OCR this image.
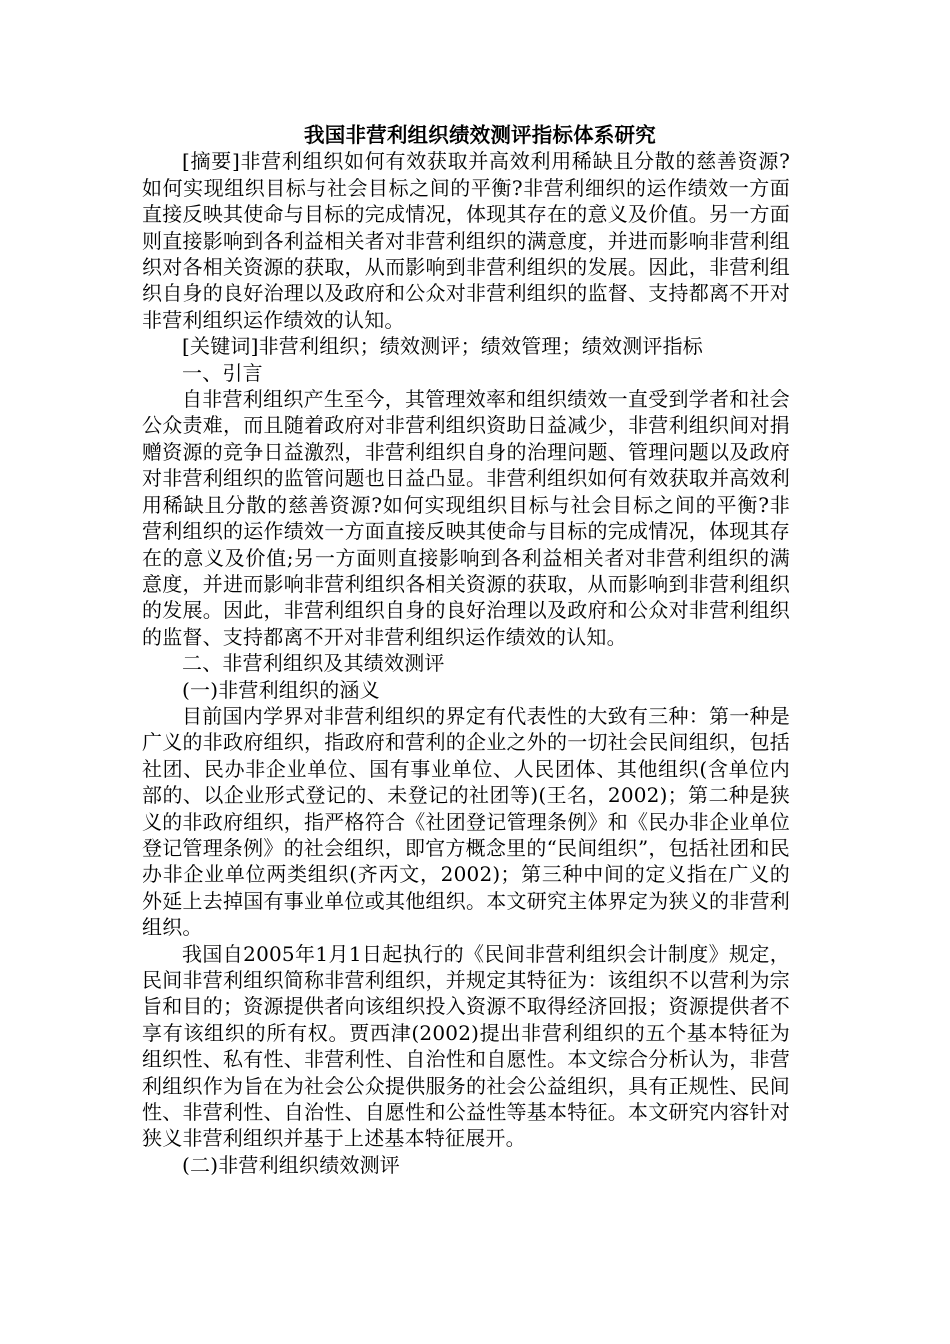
我国非营利组织绩效测评指标体系研究

[摘要]非营利组织如何有效获取并高效利用稀缺且分散的慈善资源?如何实现组织目标与社会目标之间的平衡?非营利细织的运作绩效一方面直接反映其使命与目标的完成情况，体现其存在的意义及价值。另一方面则直接影响到各利益相关者对非营利组织的满意度，并进而影响非营利组织对各相关资源的获取，从而影响到非营利组织的发展。因此，非营利组织自身的良好治理以及政府和公众对非营利组织的监督、支持都离不开对非营利组织运作绩效的认知。

[关键词]非营利组织；绩效测评；绩效管理；绩效测评指标

一、引言

自非营利组织产生至今，其管理效率和组织绩效一直受到学者和社会公众责难，而且随着政府对非营利组织资助日益减少，非营利组织间对捐赠资源的竞争日益激烈，非营利组织自身的治理问题、管理问题以及政府对非营利组织的监管问题也日益凸显。非营利组织如何有效获取并高效利用稀缺且分散的慈善资源?如何实现组织目标与社会目标之间的平衡?非营利组织的运作绩效一方面直接反映其使命与目标的完成情况，体现其存在的意义及价值;另一方面则直接影响到各利益相关者对非营利组织的满意度，并进而影响非营利组织各相关资源的获取，从而影响到非营利组织的发展。因此，非营利组织自身的良好治理以及政府和公众对非营利组织的监督、支持都离不开对非营利组织运作绩效的认知。

二、非营利组织及其绩效测评

(一)非营利组织的涵义

目前国内学界对非营利组织的界定有代表性的大致有三种：第一种是广义的非政府组织，指政府和营利的企业之外的一切社会民间组织，包括社团、民办非企业单位、国有事业单位、人民团体、其他组织(含单位内部的、以企业形式登记的、未登记的社团等)(王名，2002)；第二种是狭义的非政府组织，指严格符合《社团登记管理条例》和《民办非企业单位登记管理条例》的社会组织，即官方概念里的“民间组织”，包括社团和民办非企业单位两类组织(齐丙文，2002)；第三种中间的定义指在广义的外延上去掉国有事业单位或其他组织。本文研究主体界定为狭义的非营利组织。

我国自2005年1月1日起执行的《民间非营利组织会计制度》规定，民间非营利组织简称非营利组织，并规定其特征为：该组织不以营利为宗旨和目的；资源提供者向该组织投入资源不取得经济回报；资源提供者不享有该组织的所有权。贾西津(2002)提出非营利组织的五个基本特征为组织性、私有性、非营利性、自治性和自愿性。本文综合分析认为，非营利组织作为旨在为社会公众提供服务的社会公益组织，具有正规性、民间性、非营利性、自治性、自愿性和公益性等基本特征。本文研究内容针对狭义非营利组织并基于上述基本特征展开。

(二)非营利组织绩效测评
